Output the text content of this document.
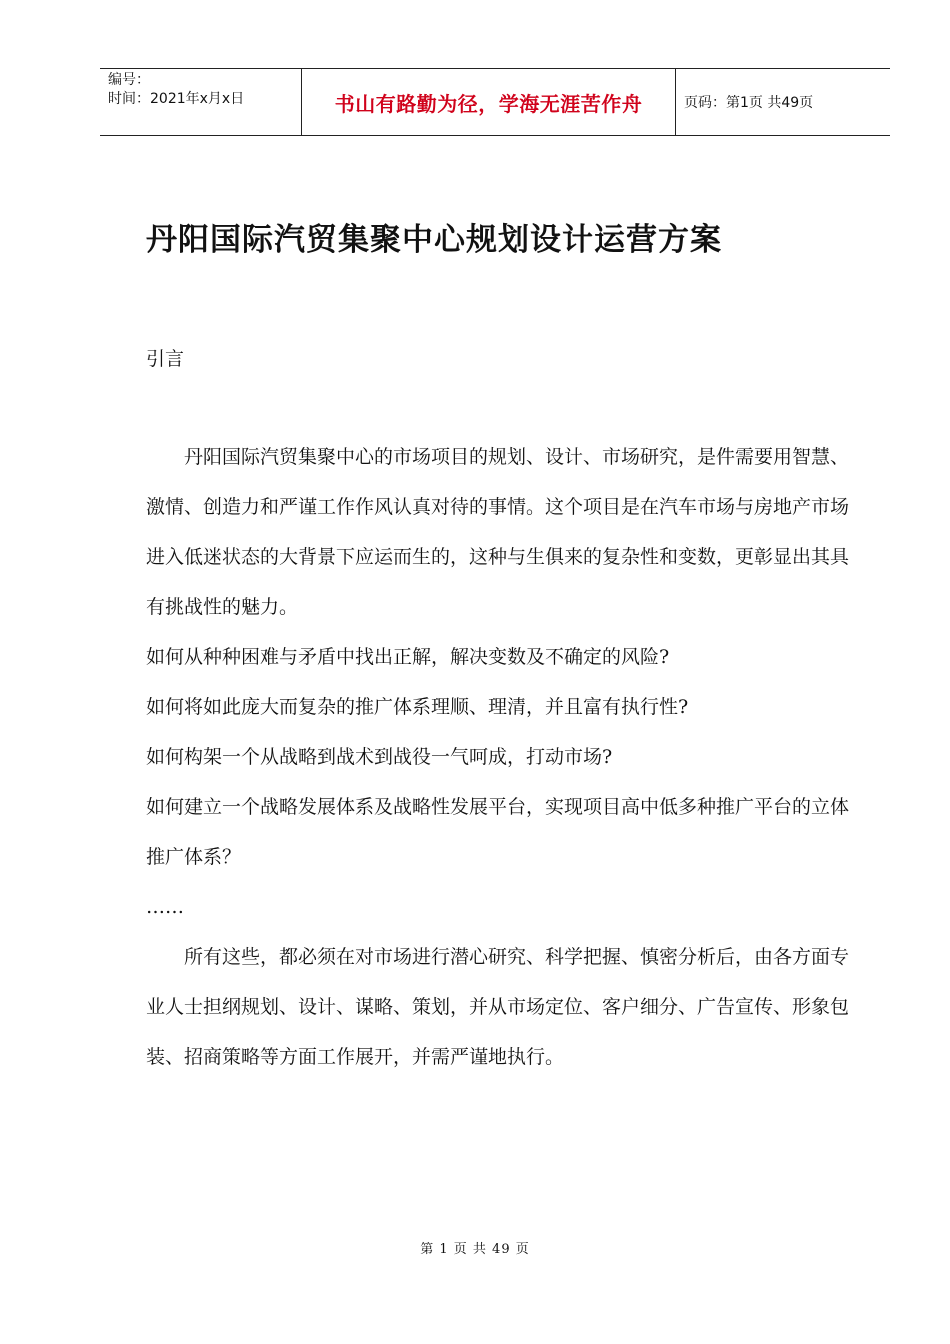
编号：
时间：2021年x月x日	书山有路勤为径，学海无涯苦作舟	页码：第1页 共49页
丹阳国际汽贸集聚中心规划设计运营方案
引言

丹阳国际汽贸集聚中心的市场项目的规划、设计、市场研究，是件需要用智慧、激情、创造力和严谨工作作风认真对待的事情。这个项目是在汽车市场与房地产市场进入低迷状态的大背景下应运而生的，这种与生俱来的复杂性和变数，更彰显出其具有挑战性的魅力。

如何从种种困难与矛盾中找出正解，解决变数及不确定的风险?

如何将如此庞大而复杂的推广体系理顺、理清，并且富有执行性?

如何构架一个从战略到战术到战役一气呵成，打动市场?

如何建立一个战略发展体系及战略性发展平台，实现项目高中低多种推广平台的立体推广体系？

……

所有这些，都必须在对市场进行潜心研究、科学把握、慎密分析后，由各方面专业人士担纲规划、设计、谋略、策划，并从市场定位、客户细分、广告宣传、形象包装、招商策略等方面工作展开，并需严谨地执行。

第 1 页 共 49 页
